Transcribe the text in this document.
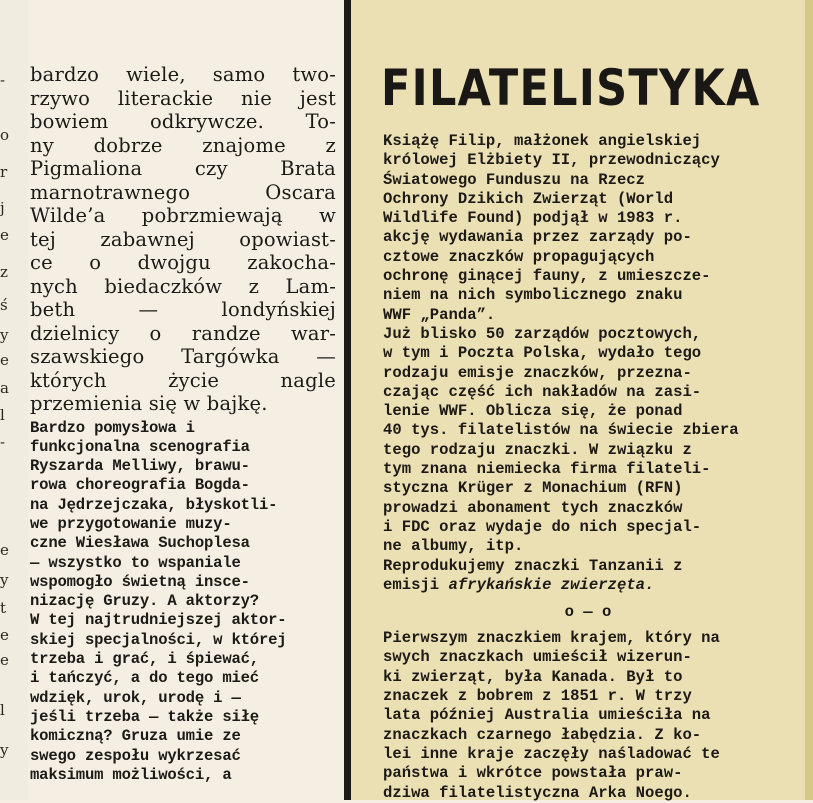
-
o
r
j
e
z
ś
y
e
a
l
-
e
y
t
e
e
l
y

bardzo wiele, samo two-

rzywo literackie nie jest

bowiem odkrywcze. To-

ny dobrze znajome z

Pigmaliona czy Brata

marnotrawnego Oscara

Wilde’a pobrzmiewają w

tej zabawnej opowiast-

ce o dwojgu zakocha-

nych biedaczków z Lam-

beth — londyńskiej

dzielnicy o randze war-

szawskiego Targówka —

których życie nagle

przemienia się w bajkę.

Bardzo pomysłowa i

funkcjonalna scenografia

Ryszarda Melliwy, brawu-

rowa choreografia Bogda-

na Jędrzejczaka, błyskotli-

we przygotowanie muzy-

czne Wiesława Suchoplesa

— wszystko to wspaniale

wspomogło świetną insce-

nizację Gruzy. A aktorzy?

W tej najtrudniejszej aktor-

skiej specjalności, w której

trzeba i grać, i śpiewać,

i tańczyć, a do tego mieć

wdzięk, urok, urodę i —

jeśli trzeba — także siłę

komiczną? Gruza umie ze

swego zespołu wykrzesać

maksimum możliwości, a

FILATELISTYKA

Książę Filip, małżonek angielskiej

królowej Elżbiety II, przewodniczący

Światowego Funduszu na Rzecz

Ochrony Dzikich Zwierząt (World

Wildlife Found) podjął w 1983 r.

akcję wydawania przez zarządy po-

cztowe znaczków propagujących

ochronę ginącej fauny, z umieszcze-

niem na nich symbolicznego znaku

WWF „Panda”.

Już blisko 50 zarządów pocztowych,

w tym i Poczta Polska, wydało tego

rodzaju emisje znaczków, przezna-

czając część ich nakładów na zasi-

lenie WWF. Oblicza się, że ponad

40 tys. filatelistów na świecie zbiera

tego rodzaju znaczki. W związku z

tym znana niemiecka firma filateli-

styczna Krüger z Monachium (RFN)

prowadzi abonament tych znaczków

i FDC oraz wydaje do nich specjal-

ne albumy, itp.

Reprodukujemy znaczki Tanzanii z

emisji afrykańskie zwierzęta.

o — o

Pierwszym znaczkiem krajem, który na

swych znaczkach umieścił wizerun-

ki zwierząt, była Kanada. Był to

znaczek z bobrem z 1851 r. W trzy

lata później Australia umieściła na

znaczkach czarnego łabędzia. Z ko-

lei inne kraje zaczęły naśladować te

państwa i wkrótce powstała praw-

dziwa filatelistyczna Arka Noego.
